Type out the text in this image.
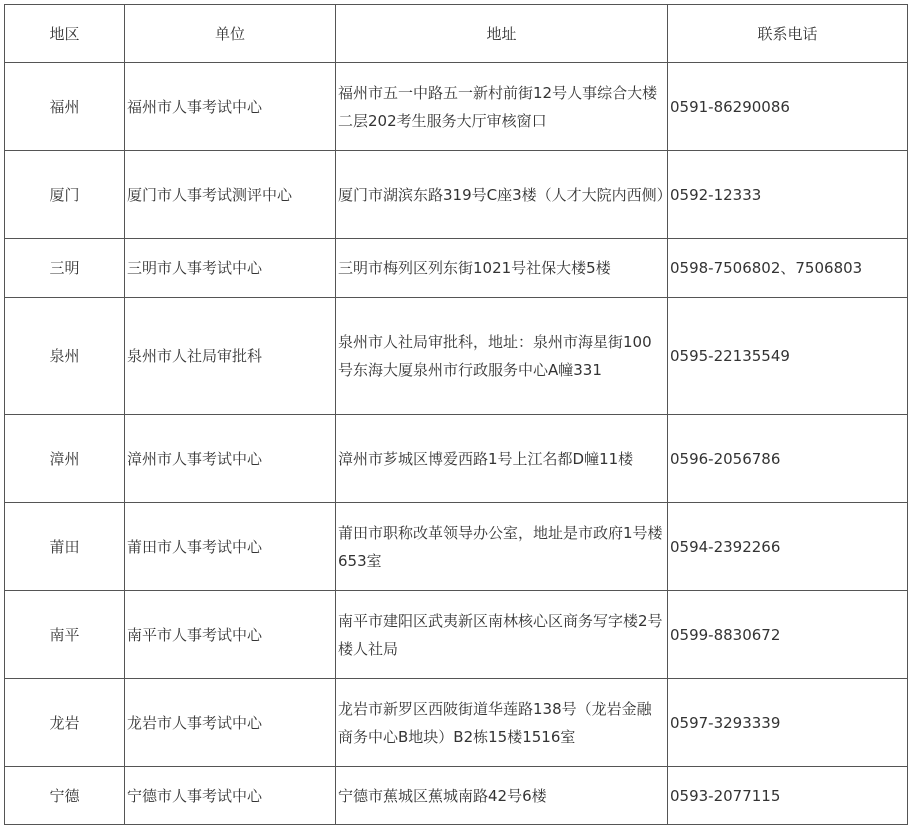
地区	单位	地址	联系电话
福州	福州市人事考试中心	福州市五一中路五一新村前街12号人事综合大楼二层202考生服务大厅审核窗口	0591-86290086
厦门	厦门市人事考试测评中心	厦门市湖滨东路319号C座3楼（人才大院内西侧）	0592-12333
三明	三明市人事考试中心	三明市梅列区列东街1021号社保大楼5楼	0598-7506802、7506803
泉州	泉州市人社局审批科	泉州市人社局审批科，地址：泉州市海星街100号东海大厦泉州市行政服务中心A幢331	0595-22135549
漳州	漳州市人事考试中心	漳州市芗城区博爱西路1号上江名都D幢11楼	0596-2056786
莆田	莆田市人事考试中心	莆田市职称改革领导办公室，地址是市政府1号楼653室	0594-2392266
南平	南平市人事考试中心	南平市建阳区武夷新区南林核心区商务写字楼2号楼人社局	0599-8830672
龙岩	龙岩市人事考试中心	龙岩市新罗区西陂街道华莲路138号（龙岩金融商务中心B地块）B2栋15楼1516室	0597-3293339
宁德	宁德市人事考试中心	宁德市蕉城区蕉城南路42号6楼	0593-2077115
